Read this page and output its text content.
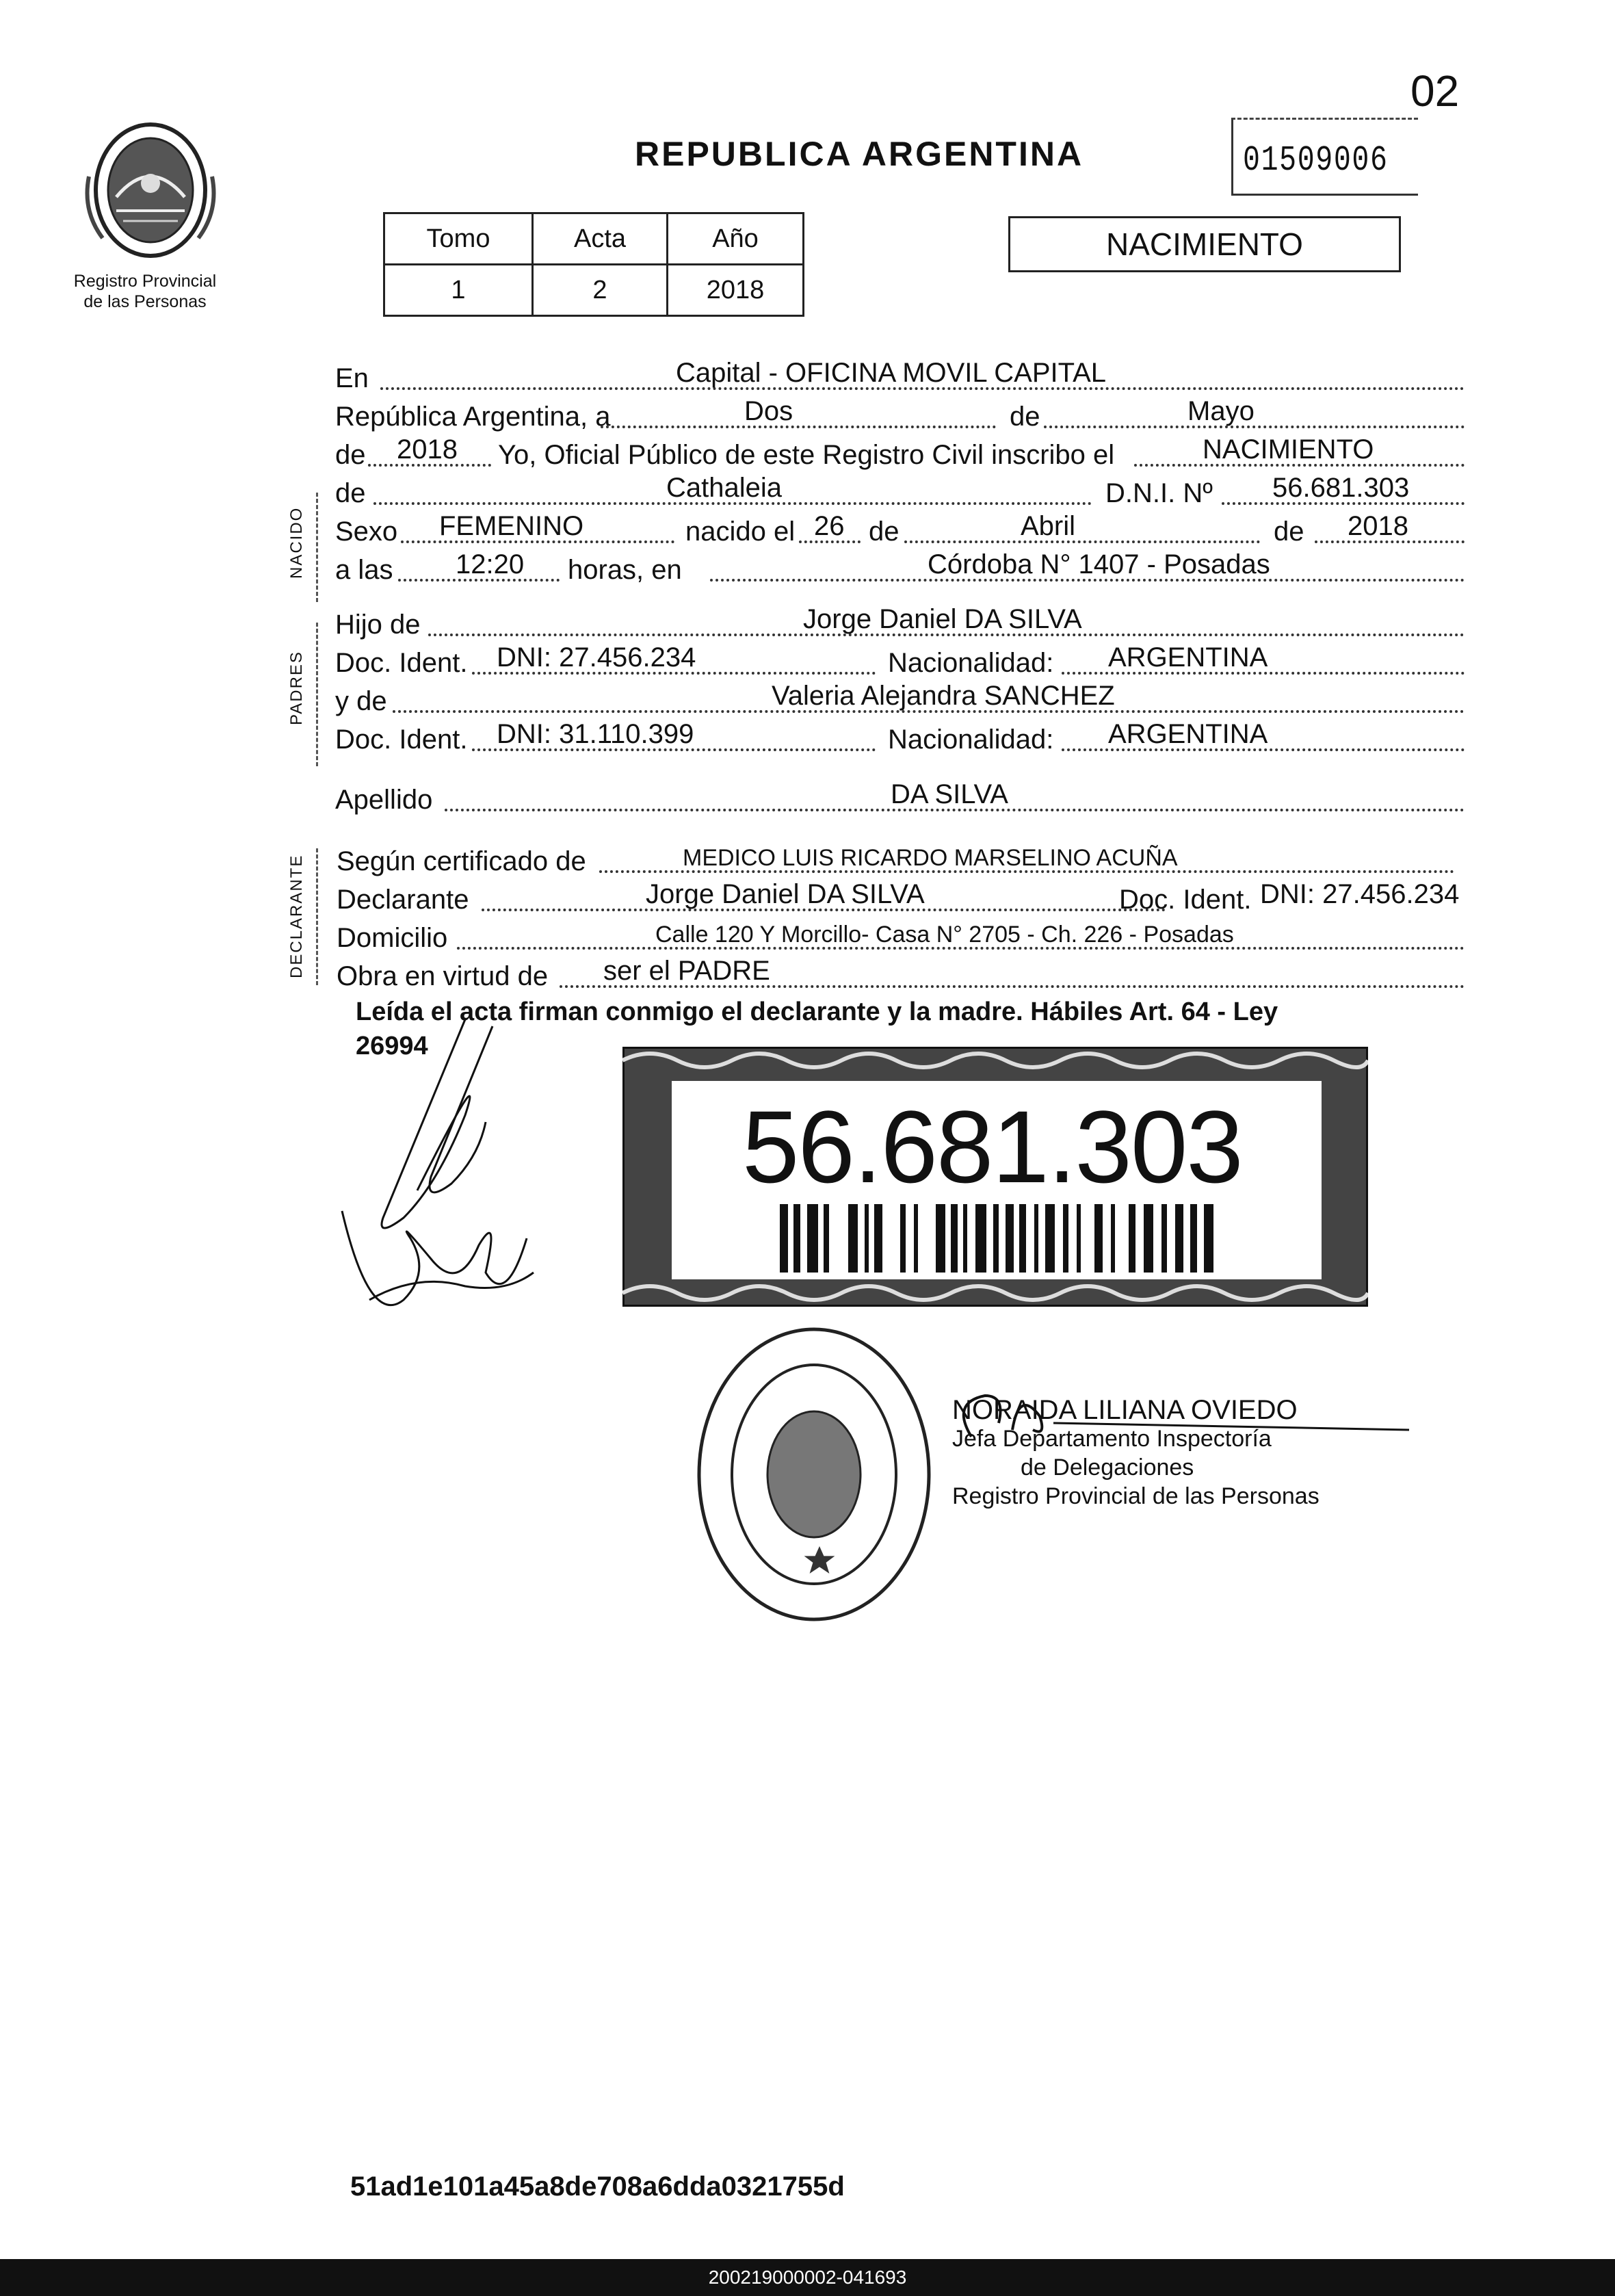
02
REPUBLICA ARGENTINA	01509006
Registro Provincial
de las Personas
Tomo	Acta	Año
1	2	2018
NACIMIENTO
NACIDO
PADRES
DECLARANTE
En	Capital - OFICINA MOVIL CAPITAL
República Argentina, a	Dos	de	Mayo
de 2018 Yo, Oficial Público de este Registro Civil inscribo el	NACIMIENTO
de	Cathaleia	D.N.I. Nº 56.681.303
Sexo FEMENINO	nacido el 26 de	Abril	de 2018
a las 12:20 horas, en	Córdoba N° 1407 - Posadas
Hijo de	Jorge Daniel DA SILVA
Doc. Ident. DNI: 27.456.234	Nacionalidad: ARGENTINA
y de	Valeria Alejandra SANCHEZ
Doc. Ident. DNI: 31.110.399	Nacionalidad: ARGENTINA
Apellido	DA SILVA
Según certificado de	MEDICO LUIS RICARDO MARSELINO ACUÑA
Declarante	Jorge Daniel DA SILVA	Doc. Ident. DNI: 27.456.234
Domicilio	Calle 120 Y Morcillo- Casa N° 2705 - Ch. 226 - Posadas
Obra en virtud de ser el PADRE
Leída el acta firman conmigo el declarante y la madre. Hábiles Art. 64 - Ley
26994
56.681.303
NORAIDA LILIANA OVIEDO
Jefa Departamento Inspectoría
de Delegaciones
Registro Provincial de las Personas
51ad1e101a45a8de708a6dda0321755d
200219000002-041693
